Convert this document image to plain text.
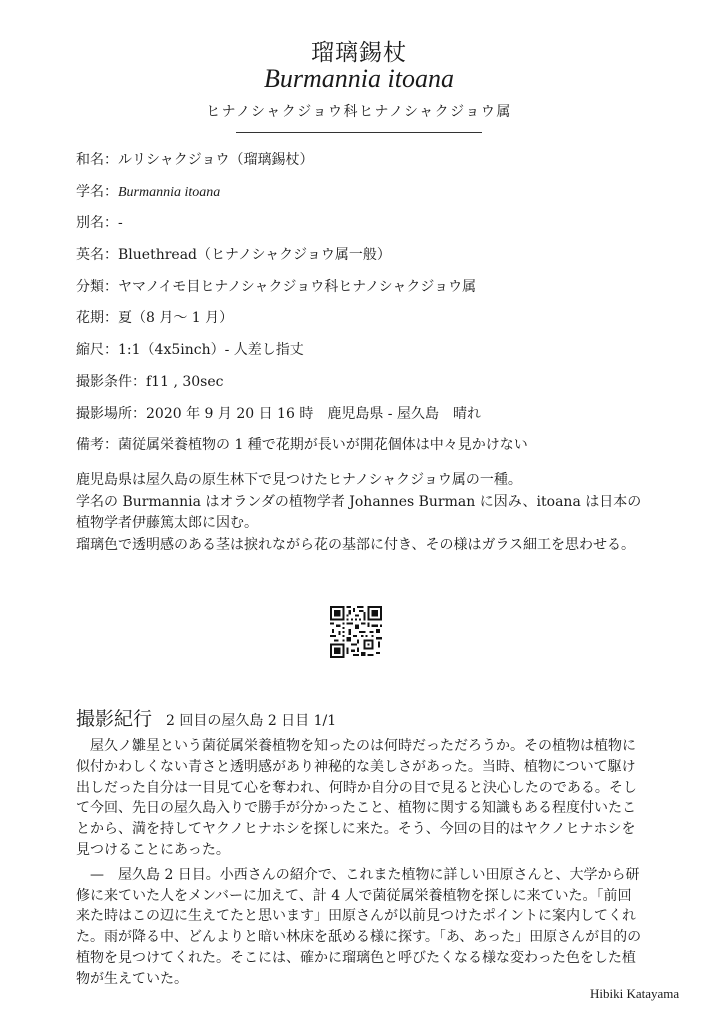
瑠璃錫杖
Burmannia itoana
ヒナノシャクジョウ科ヒナノシャクジョウ属
和名：ルリシャクジョウ（瑠璃錫杖）
学名：Burmannia itoana
別名：-
英名：Bluethread（ヒナノシャクジョウ属一般）
分類：ヤマノイモ目ヒナノシャクジョウ科ヒナノシャクジョウ属
花期：夏（8 月〜 1 月）
縮尺：1:1（4x5inch）- 人差し指丈
撮影条件：f11 , 30sec
撮影場所：2020 年 9 月 20 日 16 時　鹿児島県 - 屋久島　晴れ
備考：菌従属栄養植物の 1 種で花期が長いが開花個体は中々見かけない

鹿児島県は屋久島の原生林下で見つけたヒナノシャクジョウ属の一種。

学名の Burmannia はオランダの植物学者 Johannes Burman に因み、itoana は日本の植物学者伊藤篤太郎に因む。

瑠璃色で透明感のある茎は捩れながら花の基部に付き、その様はガラス細工を思わせる。

撮影紀行 2 回目の屋久島 2 日目 1/1

屋久ノ雛星という菌従属栄養植物を知ったのは何時だっただろうか。その植物は植物に似付かわしくない青さと透明感があり神秘的な美しさがあった。当時、植物について駆け出しだった自分は一目見て心を奪われ、何時か自分の目で見ると決心したのである。そして今回、先日の屋久島入りで勝手が分かったこと、植物に関する知識もある程度付いたことから、満を持してヤクノヒナホシを探しに来た。そう、今回の目的はヤクノヒナホシを見つけることにあった。

—　屋久島 2 日目。小西さんの紹介で、これまた植物に詳しい田原さんと、大学から研修に来ていた人をメンバーに加えて、計 4 人で菌従属栄養植物を探しに来ていた。「前回来た時はこの辺に生えてたと思います」田原さんが以前見つけたポイントに案内してくれた。雨が降る中、どんよりと暗い林床を舐める様に探す。「あ、あった」田原さんが目的の植物を見つけてくれた。そこには、確かに瑠璃色と呼びたくなる様な変わった色をした植物が生えていた。

Hibiki Katayama
